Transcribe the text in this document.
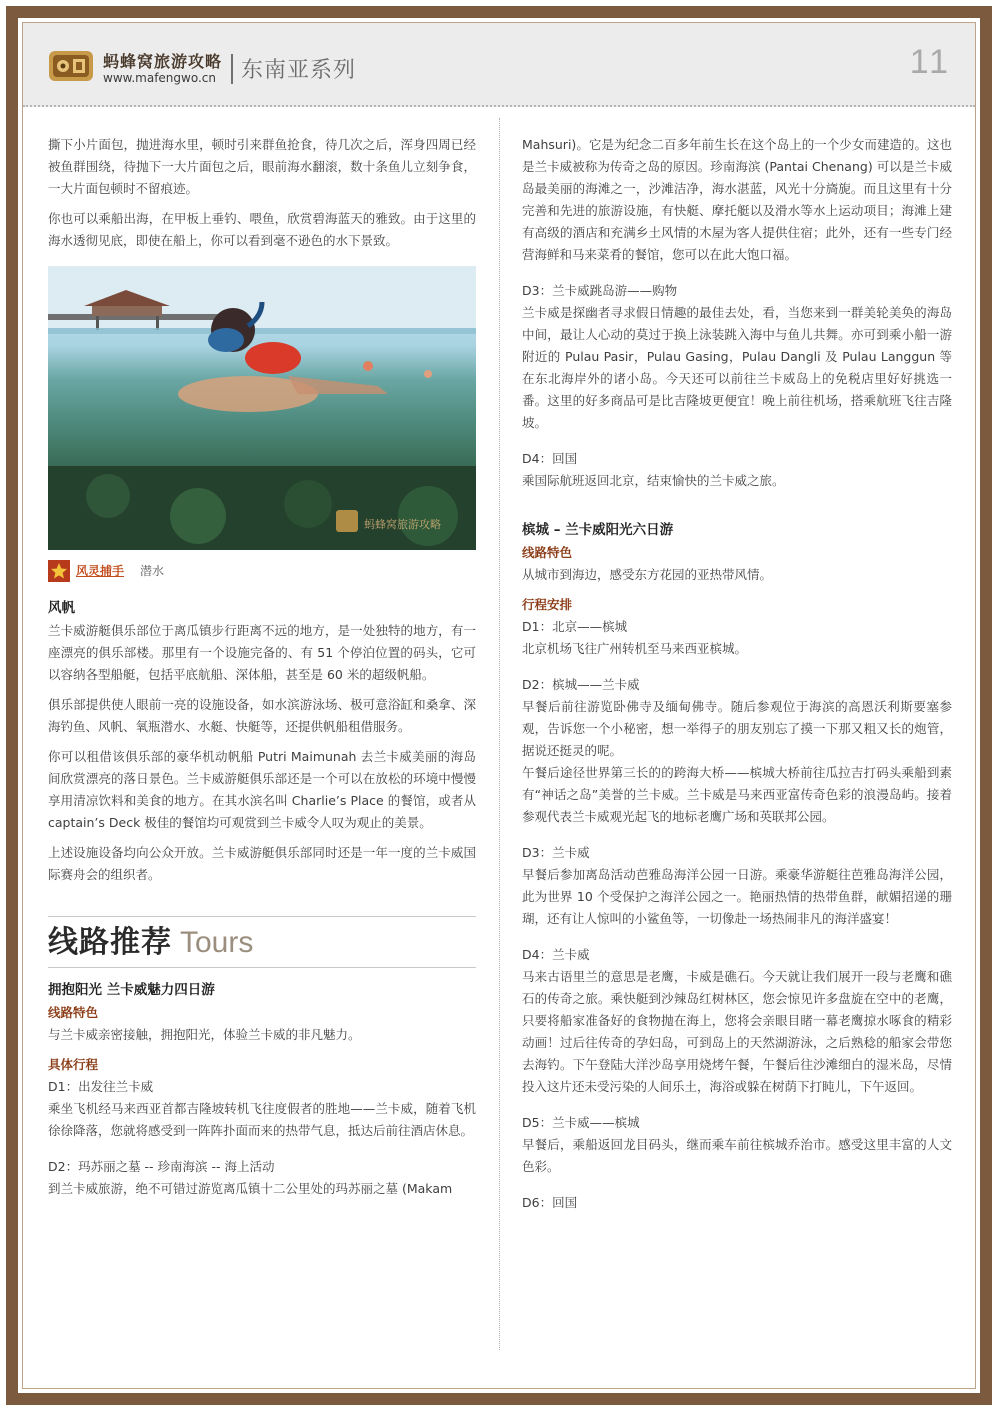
蚂蜂窝旅游攻略
www.mafengwo.cn 东南亚系列	11

撕下小片面包，抛进海水里，顿时引来群鱼抢食，待几次之后，浑身四周已经被鱼群围绕，待抛下一大片面包之后，眼前海水翻滚，数十条鱼儿立刻争食，一大片面包顿时不留痕迹。

你也可以乘船出海，在甲板上垂钓、喂鱼，欣赏碧海蓝天的雅致。由于这里的海水透彻见底，即使在船上，你可以看到毫不逊色的水下景致。

蚂蜂窝旅游攻略
风灵捕手 潜水
风帆

兰卡威游艇俱乐部位于离瓜镇步行距离不远的地方，是一处独特的地方，有一座漂亮的俱乐部楼。那里有一个设施完备的、有 51 个停泊位置的码头，它可以容纳各型船艇，包括平底航船、深体船，甚至是 60 米的超级帆船。

俱乐部提供使人眼前一亮的设施设备，如水滨游泳场、极可意浴缸和桑拿、深海钓鱼、风帆、氧瓶潜水、水艇、快艇等，还提供帆船租借服务。

你可以租借该俱乐部的豪华机动帆船 Putri Maimunah 去兰卡威美丽的海岛间欣赏漂亮的落日景色。兰卡威游艇俱乐部还是一个可以在放松的环境中慢慢享用清凉饮料和美食的地方。在其水滨名叫 Charlie’s Place 的餐馆，或者从 captain’s Deck 极佳的餐馆均可观赏到兰卡威令人叹为观止的美景。

上述设施设备均向公众开放。兰卡威游艇俱乐部同时还是一年一度的兰卡威国际赛舟会的组织者。

线路推荐 Tours
拥抱阳光 兰卡威魅力四日游
线路特色

与兰卡威亲密接触，拥抱阳光，体验兰卡威的非凡魅力。

具体行程

D1：出发往兰卡威

乘坐飞机经马来西亚首都吉隆坡转机飞往度假者的胜地——兰卡威，随着飞机徐徐降落，您就将感受到一阵阵扑面而来的热带气息，抵达后前往酒店休息。

D2：玛苏丽之墓 -- 珍南海滨 -- 海上活动

到兰卡威旅游，绝不可错过游览离瓜镇十二公里处的玛苏丽之墓 (Makam

Mahsuri)。它是为纪念二百多年前生长在这个岛上的一个少女而建造的。这也是兰卡威被称为传奇之岛的原因。珍南海滨 (Pantai Chenang) 可以是兰卡威岛最美丽的海滩之一，沙滩洁净，海水湛蓝，风光十分旖旎。而且这里有十分完善和先进的旅游设施，有快艇、摩托艇以及滑水等水上运动项目；海滩上建有高级的酒店和充满乡土风情的木屋为客人提供住宿；此外，还有一些专门经营海鲜和马来菜肴的餐馆，您可以在此大饱口福。

D3：兰卡威跳岛游——购物

兰卡威是探幽者寻求假日情趣的最佳去处，看，当您来到一群美轮美奂的海岛中间，最让人心动的莫过于换上泳装跳入海中与鱼儿共舞。亦可到乘小船一游附近的 Pulau Pasir，Pulau Gasing，Pulau Dangli 及 Pulau Langgun 等在东北海岸外的诸小岛。今天还可以前往兰卡威岛上的免税店里好好挑选一番。这里的好多商品可是比吉隆坡更便宜！晚上前往机场，搭乘航班飞往吉隆坡。

D4：回国

乘国际航班返回北京，结束愉快的兰卡威之旅。

槟城 – 兰卡威阳光六日游
线路特色

从城市到海边，感受东方花园的亚热带风情。

行程安排

D1：北京——槟城

北京机场飞往广州转机至马来西亚槟城。

D2：槟城——兰卡威

早餐后前往游览卧佛寺及缅甸佛寺。随后参观位于海滨的高恩沃利斯要塞参观，告诉您一个小秘密，想一举得子的朋友别忘了摸一下那又粗又长的炮管，据说还挺灵的呢。

午餐后途径世界第三长的的跨海大桥——槟城大桥前往瓜拉吉打码头乘船到素有“神话之岛”美誉的兰卡威。兰卡威是马来西亚富传奇色彩的浪漫岛屿。接着参观代表兰卡威观光起飞的地标老鹰广场和英联邦公园。

D3：兰卡威

早餐后参加离岛活动芭雅岛海洋公园一日游。乘豪华游艇往芭雅岛海洋公园，此为世界 10 个受保护之海洋公园之一。艳丽热情的热带鱼群，献媚招递的珊瑚，还有让人惊叫的小鲨鱼等，一切像赴一场热闹非凡的海洋盛宴！

D4：兰卡威

马来古语里兰的意思是老鹰，卡威是礁石。今天就让我们展开一段与老鹰和礁石的传奇之旅。乘快艇到沙辣岛红树林区，您会惊见许多盘旋在空中的老鹰，只要将船家准备好的食物抛在海上，您将会亲眼目睹一幕老鹰掠水啄食的精彩动画！过后往传奇的孕妇岛，可到岛上的天然湖游泳，之后熟稔的船家会带您去海钓。下午登陆大洋沙岛享用烧烤午餐，午餐后往沙滩细白的湿米岛，尽情投入这片还未受污染的人间乐土，海浴或躲在树荫下打盹儿，下午返回。

D5：兰卡威——槟城

早餐后，乘船返回龙目码头，继而乘车前往槟城乔治市。感受这里丰富的人文色彩。

D6：回国
